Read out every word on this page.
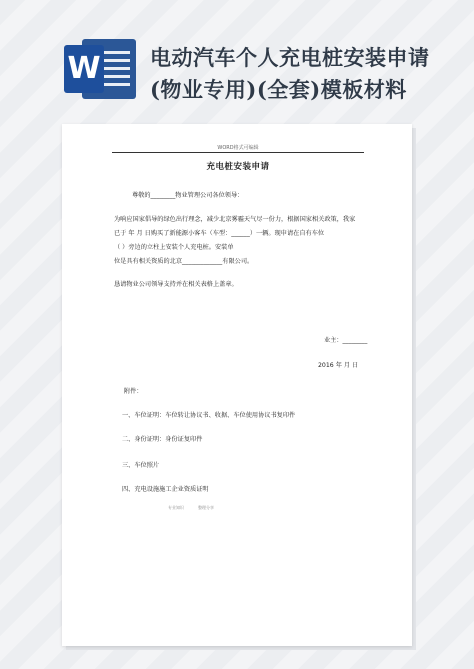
W 电动汽车个人充电桩安装申请
(物业专用)(全套)模板材料
WORD格式可编辑
充电桩安装申请
尊敬的________物业管理公司各位领导：
为响应国家倡导的绿色出行理念，减少北京雾霾天气尽一份力，根据国家相关政策，我家
已于 年 月 日购买了新能源小客车（车型：______）一辆。现申请在自有车位
（ ）旁边的立柱上安装个人充电桩。安装单
位是具有相关资质的北京_____________有限公司。
恳请物业公司领导支持并在相关表格上盖章。
业主：________
2016 年 月 日
附件：
一、车位证明：车位转让协议书、收据、车位使用协议书复印件
二、身份证明：身份证复印件
三、车位照片
四、充电设施施工企业资质证明
专业知识	整理分享
